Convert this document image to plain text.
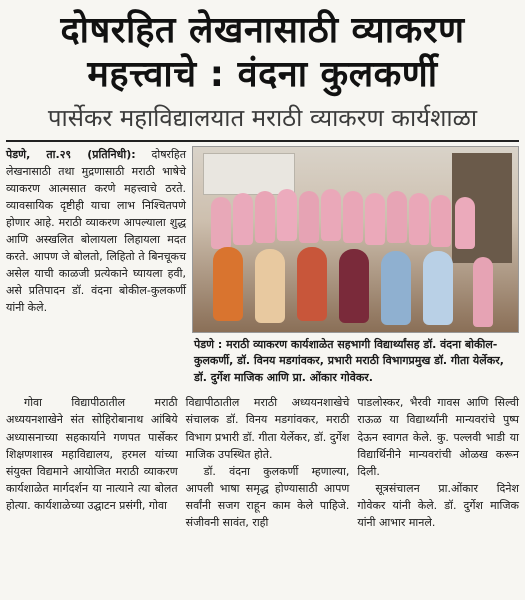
दोषरहित लेखनासाठी व्याकरण
महत्त्वाचे : वंदना कुलकर्णी
पार्सेकर महाविद्यालयात मराठी व्याकरण कार्यशाळा
पेडणे, ता.२९ (प्रतिनिधी): दोषरहित लेखनासाठी तथा मुद्रणासाठी मराठी भाषेचे व्याकरण आत्मसात करणे महत्त्वाचे ठरते. व्यावसायिक दृष्टीही याचा लाभ निश्चितपणे होणार आहे. मराठी व्याकरण आपल्याला शुद्ध आणि अस्खलित बोलायला लिहायला मदत करते. आपण जे बोलतो, लिहितो ते बिनचूकच असेल याची काळजी प्रत्येकाने घ्यायला हवी, असे प्रतिपादन डॉ. वंदना बोकील-कुलकर्णी यांनी केले.
पेडणे : मराठी व्याकरण कार्यशाळेत सहभागी विद्यार्थ्यांसह डॉ. वंदना बोकील-कुलकर्णी, डॉ. विनय मडगांवकर, प्रभारी मराठी विभागप्रमुख डॉ. गीता येर्लेकर, डॉ. दुर्गेश माजिक आणि प्रा. ओंकार गोवेकर.

गोवा विद्यापीठातील मराठी अध्ययनशाखेने संत सोहिरोबानाथ आंबिये अध्यासनाच्या सहकार्याने गणपत पार्सेकर शिक्षणशास्त्र महाविद्यालय, हरमल यांच्या संयुक्त विद्यमाने आयोजित मराठी व्याकरण कार्यशाळेत मार्गदर्शन या नात्याने त्या बोलत होत्या. कार्यशाळेच्या उद्घाटन प्रसंगी, गोवा

विद्यापीठातील मराठी अध्ययनशाखेचे संचालक डॉ. विनय मडगांवकर, मराठी विभाग प्रभारी डॉ. गीता येर्लेकर, डॉ. दुर्गेश माजिक उपस्थित होते.

डॉ. वंदना कुलकर्णी म्हणाल्या, आपली भाषा समृद्ध होण्यासाठी आपण सर्वांनी सजग राहून काम केले पाहिजे. संजीवनी सावंत, राही

पाडलोस्कर, भैरवी गावस आणि सिल्वी राऊळ या विद्यार्थ्यांनी मान्यवरांचे पुष्प देऊन स्वागत केले. कु. पल्लवी भाडी या विद्यार्थिनीने मान्यवरांची ओळख करून दिली.

सूत्रसंचालन प्रा.ओंकार दिनेश गोवेकर यांनी केले. डॉ. दुर्गेश माजिक यांनी आभार मानले.
